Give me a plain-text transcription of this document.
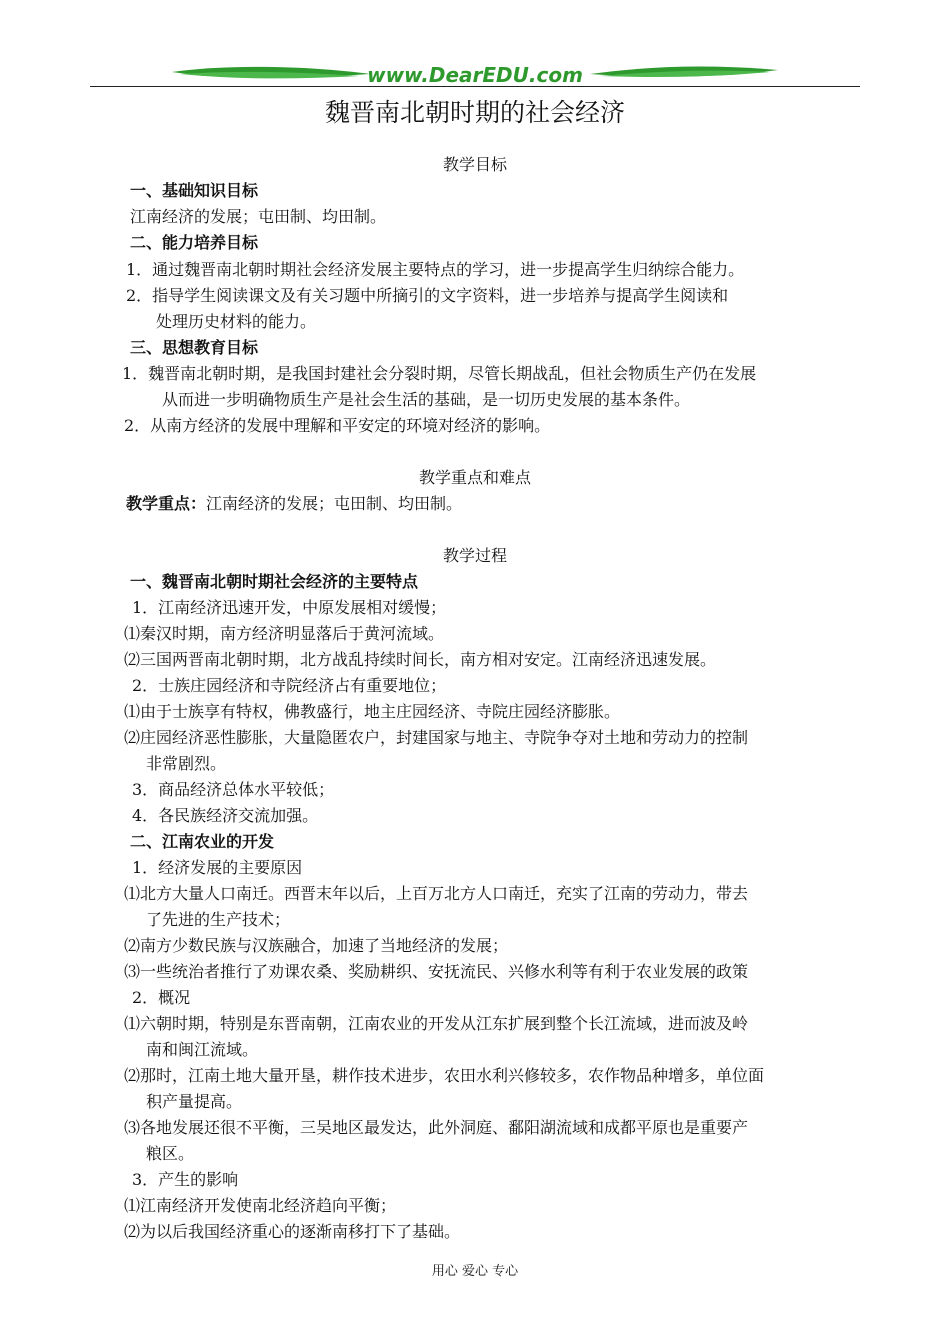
www.DearEDU.com
魏晋南北朝时期的社会经济
教学目标
一、基础知识目标
江南经济的发展；屯田制、均田制。
二、能力培养目标
1．通过魏晋南北朝时期社会经济发展主要特点的学习，进一步提高学生归纳综合能力。
2．指导学生阅读课文及有关习题中所摘引的文字资料，进一步培养与提高学生阅读和
处理历史材料的能力。
三、思想教育目标
1．魏晋南北朝时期，是我国封建社会分裂时期，尽管长期战乱，但社会物质生产仍在发展
从而进一步明确物质生产是社会生活的基础，是一切历史发展的基本条件。
2．从南方经济的发展中理解和平安定的环境对经济的影响。
教学重点和难点
教学重点：江南经济的发展；屯田制、均田制。
教学过程
一、魏晋南北朝时期社会经济的主要特点
1．江南经济迅速开发，中原发展相对缓慢；
⑴秦汉时期，南方经济明显落后于黄河流域。
⑵三国两晋南北朝时期，北方战乱持续时间长，南方相对安定。江南经济迅速发展。
2．士族庄园经济和寺院经济占有重要地位；
⑴由于士族享有特权，佛教盛行，地主庄园经济、寺院庄园经济膨胀。
⑵庄园经济恶性膨胀，大量隐匿农户，封建国家与地主、寺院争夺对土地和劳动力的控制
非常剧烈。
3．商品经济总体水平较低；
4．各民族经济交流加强。
二、江南农业的开发
1．经济发展的主要原因
⑴北方大量人口南迁。西晋末年以后，上百万北方人口南迁，充实了江南的劳动力，带去
了先进的生产技术；
⑵南方少数民族与汉族融合，加速了当地经济的发展；
⑶一些统治者推行了劝课农桑、奖励耕织、安抚流民、兴修水利等有利于农业发展的政策
2．概况
⑴六朝时期，特别是东晋南朝，江南农业的开发从江东扩展到整个长江流域，进而波及岭
南和闽江流域。
⑵那时，江南土地大量开垦，耕作技术进步，农田水利兴修较多，农作物品种增多，单位面
积产量提高。
⑶各地发展还很不平衡，三吴地区最发达，此外洞庭、鄱阳湖流域和成都平原也是重要产
粮区。
3．产生的影响
⑴江南经济开发使南北经济趋向平衡；
⑵为以后我国经济重心的逐渐南移打下了基础。
用心 爱心 专心
